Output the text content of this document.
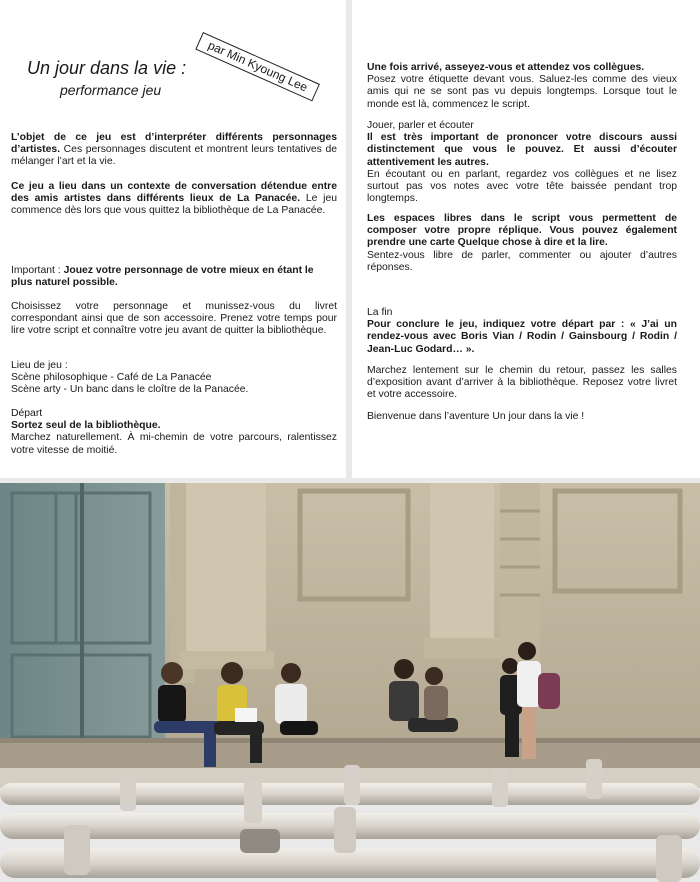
par Min Kyoung Lee
Un jour dans la vie :
performance jeu

L’objet de ce jeu est d’interpréter différents personnages d’artistes. Ces personnages discutent et montrent leurs tentatives de mélanger l’art et la vie.

Ce jeu a lieu dans un contexte de conversation détendue entre des amis artistes dans différents lieux de La Panacée. Le jeu commence dès lors que vous quittez la bibliothèque de La Panacée.

Important : Jouez votre personnage de votre mieux en étant le plus naturel possible.

Choisissez votre personnage et munissez-vous du livret correspondant ainsi que de son accessoire. Prenez votre temps pour lire votre script et connaître votre jeu avant de quitter la bibliothèque.

Lieu de jeu :

Scène philosophique - Café de La Panacée

Scène arty - Un banc dans le cloître de la Panacée.

Départ

Sortez seul de la bibliothèque.

Marchez naturellement. À mi-chemin de votre parcours, ralentissez votre vitesse de moitié.

Une fois arrivé, asseyez-vous et attendez vos collègues.

Posez votre étiquette devant vous. Saluez-les comme des vieux amis qui ne se sont pas vu depuis longtemps. Lorsque tout le monde est là, commencez le script.

Jouer, parler et écouter

Il est très important de prononcer votre discours aussi distinctement que vous le pouvez. Et aussi d’écouter attentivement les autres.

En écoutant ou en parlant, regardez vos collègues et ne lisez surtout pas vos notes avec votre tête baissée pendant trop longtemps.

Les espaces libres dans le script vous permettent de composer votre propre réplique. Vous pouvez également prendre une carte Quelque chose à dire et la lire.

Sentez-vous libre de parler, commenter ou ajouter d’autres réponses.

La fin

Pour conclure le jeu, indiquez votre départ par : « J’ai un rendez-vous avec Boris Vian / Rodin / Gainsbourg / Rodin / Jean-Luc Godard… ».

Marchez lentement sur le chemin du retour, passez les salles d’exposition avant d’arriver à la bibliothèque. Reposez votre livret et votre accessoire.

Bienvenue dans l’aventure Un jour dans la vie !
